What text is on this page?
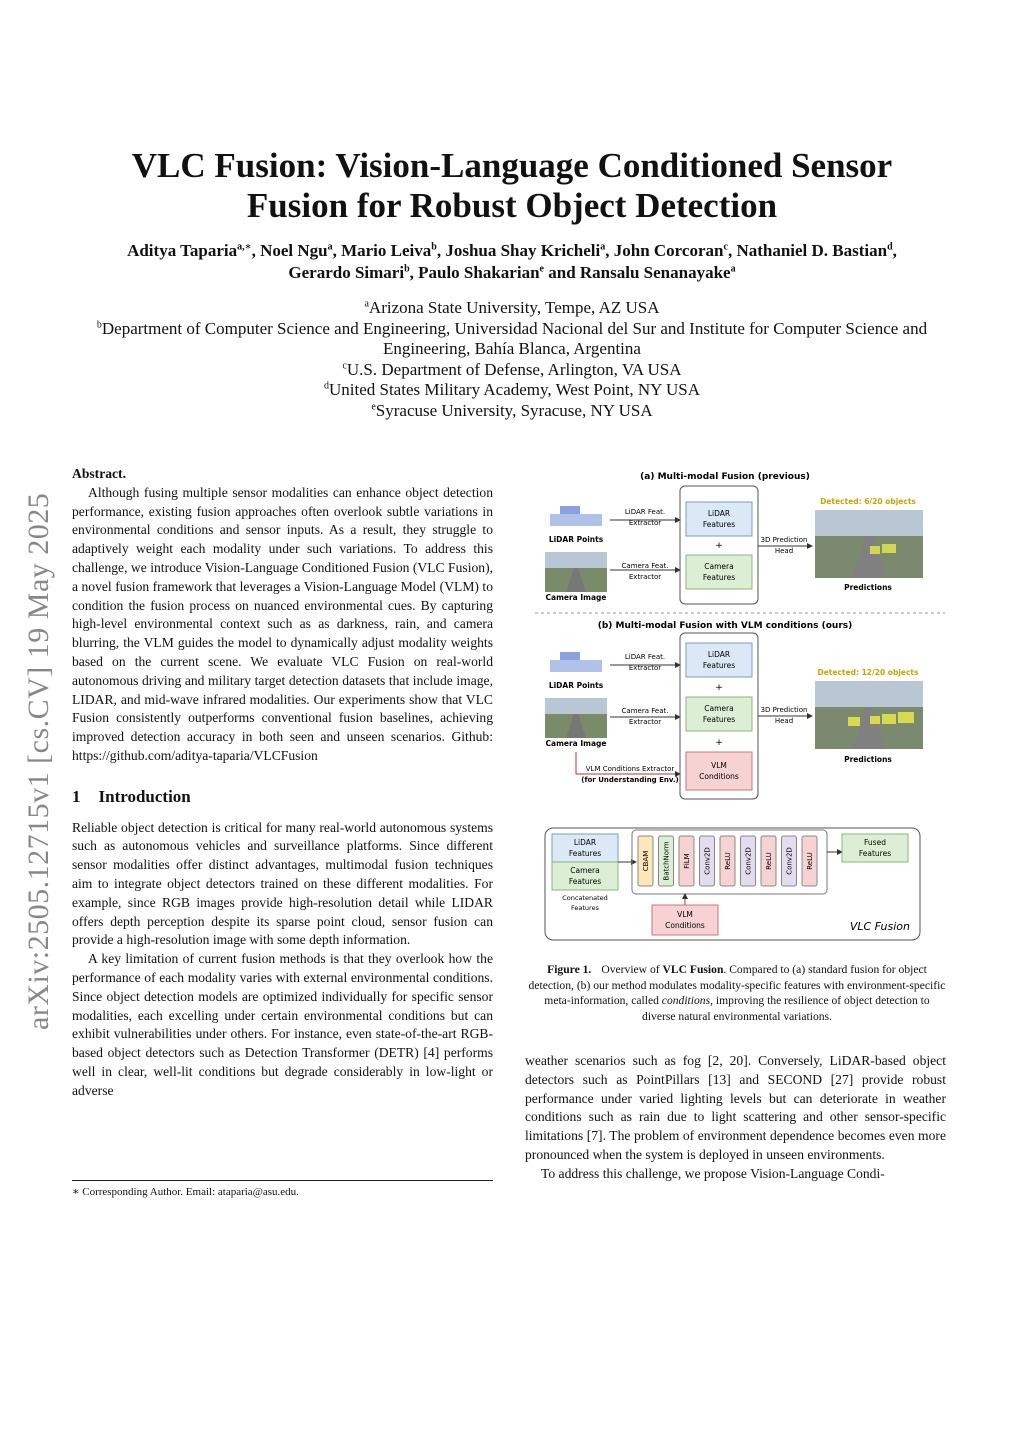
arXiv:2505.12715v1 [cs.CV] 19 May 2025
VLC Fusion: Vision-Language Conditioned Sensor
Fusion for Robust Object Detection
Aditya Taparia$^{a,∗}$, Noel Ngu$^a$, Mario Leiva$^b$, Joshua Shay Kricheli$^a$, John Corcoran$^c$, Nathaniel D. Bastian$^d$,
Gerardo Simari$^b$, Paulo Shakarian$^e$ and Ransalu Senanayake$^a$
$^a$Arizona State University, Tempe, AZ USA
$^b$Department of Computer Science and Engineering, Universidad Nacional del Sur and Institute for Computer Science and Engineering, Bahía Blanca, Argentina
$^c$U.S. Department of Defense, Arlington, VA USA
$^d$United States Military Academy, West Point, NY USA
$^e$Syracuse University, Syracuse, NY USA

Abstract.

Although fusing multiple sensor modalities can enhance object detection performance, existing fusion approaches often overlook subtle variations in environmental conditions and sensor inputs. As a result, they struggle to adaptively weight each modality under such variations. To address this challenge, we introduce Vision-Language Conditioned Fusion (VLC Fusion), a novel fusion framework that leverages a Vision-Language Model (VLM) to condition the fusion process on nuanced environmental cues. By capturing high-level environmental context such as as darkness, rain, and camera blurring, the VLM guides the model to dynamically adjust modality weights based on the current scene. We evaluate VLC Fusion on real-world autonomous driving and military target detection datasets that include image, LIDAR, and mid-wave infrared modalities. Our experiments show that VLC Fusion consistently outperforms conventional fusion baselines, achieving improved detection accuracy in both seen and unseen scenarios. Github: https://github.com/aditya-taparia/VLCFusion

1 Introduction

Reliable object detection is critical for many real-world autonomous systems such as autonomous vehicles and surveillance platforms. Since different sensor modalities offer distinct advantages, multimodal fusion techniques aim to integrate object detectors trained on these different modalities. For example, since RGB images provide high-resolution detail while LIDAR offers depth perception despite its sparse point cloud, sensor fusion can provide a high-resolution image with some depth information.

A key limitation of current fusion methods is that they overlook how the performance of each modality varies with external environmental conditions. Since object detection models are optimized individually for specific sensor modalities, each excelling under certain environmental conditions but can exhibit vulnerabilities under others. For instance, even state-of-the-art RGB-based object detectors such as Detection Transformer (DETR) [4] performs well in clear, well-lit conditions but degrade considerably in low-light or adverse

∗ Corresponding Author. Email: ataparia@asu.edu.
(a) Multi-modal Fusion (previous)
LiDAR Points
Camera Image
LiDAR Feat.
Extractor
Camera Feat.
Extractor
LiDAR
Features
+
Camera
Features
3D Prediction
Head
Detected: 6/20 objects
Predictions
(b) Multi-modal Fusion with VLM conditions (ours)
LiDAR Points
Camera Image
LiDAR Feat.
Extractor
Camera Feat.
Extractor
VLM Conditions Extractor
(for Understanding Env.)
LiDAR
Features
+
Camera
Features
+
VLM
Conditions
3D Prediction
Head
Detected: 12/20 objects
Predictions
LiDAR
Features
Camera
Features
Concatenated
Features
CBAM BatchNorm FiLM Conv2D ReLU Conv2D ReLU Conv2D ReLU
Fused
Features
VLM
Conditions	VLC Fusion
Figure 1. Overview of VLC Fusion. Compared to (a) standard fusion for object detection, (b) our method modulates modality-specific features with environment-specific meta-information, called conditions, improving the resilience of object detection to diverse natural environmental variations.

weather scenarios such as fog [2, 20]. Conversely, LiDAR-based object detectors such as PointPillars [13] and SECOND [27] provide robust performance under varied lighting levels but can deteriorate in weather conditions such as rain due to light scattering and other sensor-specific limitations [7]. The problem of environment dependence becomes even more pronounced when the system is deployed in unseen environments.

To address this challenge, we propose Vision-Language Condi-
